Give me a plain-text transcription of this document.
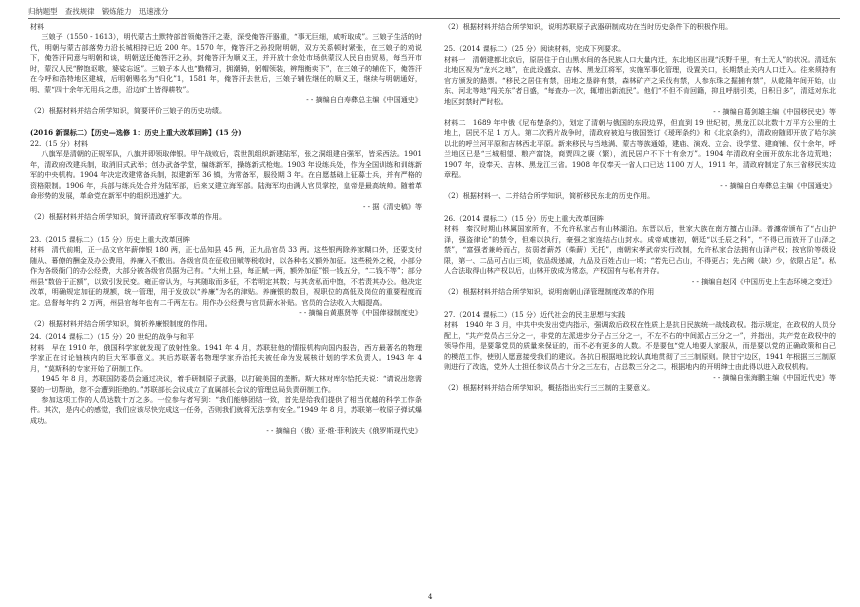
归纳题型　查找规律　锻炼能力　迅速涨分
材料
三娘子（1550 - 1613），明代蒙古土默特部首领俺答汗之妻，深受俺答汗器重，“事无巨细，咸听取成”。三娘子生活的时代，明朝与蒙古部落势力沿长城相持已近 200 年。1570 年，俺答汗之孙投附明朝，双方关系顿时紧张，在三娘子的劝说下，俺答汗同意与明朝和谈，明朝送还俺答汗之孙，封俺答汗为顺义王，并开放十余处市场供蒙汉人民自由贸易，每当开市时，蒙汉人民“醉饱讴歌，婆娑忘返”。三娘子本人也“勤精习，拥潮骑，躬帽领装，辨翔衡卖下”，在三娘子的辅佐下，俺答汗在今呼和浩特地区建城，后明朝赐名为“归化”1，1581 年，俺答汗去世后，三娘子辅佐继任的顺义王，继续与明朝通好，明、蒙“四十余年无用兵之患，沿边旷土皆得耕牧”。
- - 摘编自白寿彝总主编《中国通史》
（2）根据材料并结合所学知识，简要评价三娘子的历史功绩。
(2016 新课标二）【历史—选修 1：历史上重大改革回眸】(15 分)
22.（15 分）材料
八旗军是清朝的正规军队，八旗并即领取俸银。甲午战败后，袁世凯组织新建陆军，张之洞组建自强军，皆采西法。1901 年，清政府改建兵制，取消旧式武举；创办武备学堂，编练新军，操练新式枪炮。1903 年设练兵处，作为全国训练和训练新军的中央机构。1904 年决定改建常备兵制，拟建新军 36 镇，为常备军，服役期 3 年。在自愿基础上征募士兵，并有严格的资格限制。1906 年，兵部与练兵处合并为陆军部，后来又建立海军部。陆海军均由满人官员掌控，皇帝是最高统帅。随着革命形势的发展，革命党在新军中的组织迅速扩大。
- - 据《清史稿》等
（2）根据材料并结合所学知识，简评清政府军事改革的作用。
23.（2015 课标二）（15 分）历史上重大改革回眸
材料　清代前期，正一品文官年薪俸银 180 两，正七品知县 45 两，正九品官员 33 两。这些银两除养家糊口外，还要支付随从、幕僚的酬金及办公费用，养廉入不敷出。各级官员在征收田赋等税收时，以各种名义额外加征。这些税外之税，小部分作为各级衙门的办公经费，大部分被各级官员据为己有。“大州上县，每正赋一两，额外加征”银一钱五分，“二钱不等”；部分州县“数倍于正额”，以致引发民变。雍正帝认为，与其随取而多征，不若明定其数；与其贪私而中饱，不若责其办公。他决定改革，明确规定加征的规额，统一管理，用于发放以“养廉”为名的津贴。养廉银的数目，视职位的高低及岗位的重要程度而定。总督每年约 2 万两，州县官每年也有二千两左右。用作办公经费与官员薪水补贴。官员的合法收入大幅提高。
- - 摘编自黄惠贤等《中国俸禄制度史》
（2）根据材料并结合所学知识，简析养廉银制度的作用。
24.（2014 课标二）（15 分）20 世纪的战争与和平
材料　早在 1910 年，俄国科学家就发现了放射性象。1941 年 4 月，苏联驻他的情报机构向国内报告，西方最著名的物理学家正在讨论铀核内的巨大军事意义。其后苏联著名物理学家乔治托夫被任命为发展核计划的学术负责人。1943 年 4 月，“莫斯科的专家开始了研制工作。
1945 年 8 月，苏联国防委员会通过决议，着手研制原子武器，以打破美国的垄断。斯大林对库尔恰托夫说：“请说出您需要的一切帮助，您不会遭到拒绝的。”苏联部长会议成立了直属部长会议的管理总局负责研制工作。
参加这项工作的人员达数十万之多。一位参与者写到：“我们能够团结一致，首先是给我们提供了相当优越的科学工作条件。其次，是内心的感觉，我们应该尽快完成这一任务，否则我们就将无法享有安全。”1949 年 8 月，苏联第一枚原子弹试爆成功。
- - 摘编自（俄）亚·维·菲利波夫《俄罗斯现代史》
（2）根据材料并结合所学知识，说明苏联原子武器研制成功在当时历史条件下的积极作用。
25.（2014 课标二）（25 分）阅读材料，完成下列要求。
材料一　清朝建都北京后，原居住于白山黑水间的各民族人口大量内迁，东北地区出现“沃野千里，有土无人”的状况。清廷东北地区视为“龙兴之地”，在此设盛京、吉林、黑龙江将军，实施军事化管理，设置关口，长期禁止关内人口迁入。往来须持有官方颁发的路票。“移民之居住有禁，田地之垦辟有禁，森林矿产之采伐有禁，人参东珠之掘捕有禁”，从乾隆年间开始，山东、河北等地“闯关东”者日盛，“每查办一次，辄增出新流民”。他们“不但不肯回籍，抑且呼朋引类，日积日多”，清廷对东北地区封禁时严时松。
- - 摘编自葛剑雄主编《中国移民史》等
材料二　1689 年中俄《尼布楚条约》，划定了清朝与俄国的东段边界，但直到 19 世纪初，黑龙江以北数十万平方公里的土地上，居民不足 1 万人。第二次鸦片战争时，清政府被迫与俄国签订《瑷珲条约》和《北京条约》，清政府随即开放了哈尔滨以北的呼兰河平原和吉林西北平原。新来移民与当地满、蒙古等族通婚，建庙、演戏、立会、设学堂、建商铺、仅十余年，呼兰地区已是“三城相望、粮产富饶，商贾四之赓（繁），流民居户不下十有余万”。1904 年清政府全面开放东北各边荒地；1907 年，设奉天、吉林、黑龙江三省。1908 年仅奉天一省人口已达 1100 万人，1911 年，清政府制定了东三省移民实边章程。
- - 摘编自白寿彝总主编《中国通史》
（2）根据材料一、二并结合所学知识，简析移民东北的历史作用。
26.（2014 课标二）（15 分）历史上重大改革回眸
材料　秦汉时期山林属国家所有，不允许私家占有山林湖泊。东晋以后，世家大族在南方擅占山泽。普瀍帝颁布了“占山护泽，强盗律论”的禁令，但难以执行，豪强之家连结占山封水。成帝咸康初，朝廷“以壬辰之科”，“不得已而放开了山泽之禁”，“富强者兼岭而占，贫弱者薪苏（柴薪）无托”，南朝宋孝武帝实行改制，允许私家合法拥有山泽产权；按官阶等级设限，第一、二品可占山三顷，依品级递减，九品及百姓占山一顷；“若先已占山，不得更占；先占阙（缺）少，依限占足”。私人合法取得山林产权以后，山林开放成为常态，产权国有与私有并存。
- - 摘编自赵冈《中国历史上生态环境之变迁》
（2）根据材料并结合所学知识，说明南朝山泽管理制度改革的作用
27.（2014 课标二）（15 分）近代社会的民主思想与实践
材料　1940 年 3 月，中共中央发出党内指示，强调敌后政权在性质上是抗日民族统一战线政权。指示规定，在政权的人员分配上，“共产党员占三分之一，非党的左派进步分子占三分之一，不左不右的中间派占三分之一”，并指出，共产党在政权中的领导作用，是要靠党员的质量来保证的，而不必有更多的人数。不是要包“党人地要人家服从，而是要以党的正确政策和自己的模范工作，使别人愿意接受我们的建议。各抗日根据地比较认真地贯彻了三三制原则。陕甘宁边区，1941 年根据三三制原则进行了改选，党外人士担任参议员占十分之三左右，占总数三分之二，根据地内的开明绅士由此得以进入政权机构。
- - 摘编自张海鹏主编《中国近代史》等
（2）根据材料并结合所学知识，概括指出实行三三制的主要意义。
4
